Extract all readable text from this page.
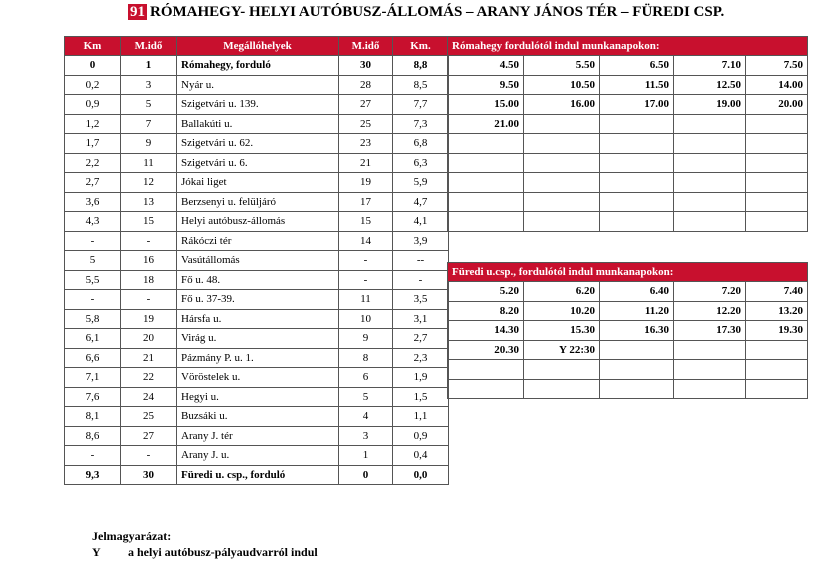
91 RÓMAHEGY- HELYI AUTÓBUSZ-ÁLLOMÁS – ARANY JÁNOS TÉR – FÜREDI CSP.
Km	M.idő	Megállóhelyek	M.idő	Km.
0	1	Rómahegy, forduló	30	8,8
0,2	3	Nyár u.	28	8,5
0,9	5	Szigetvári u. 139.	27	7,7
1,2	7	Ballakúti u.	25	7,3
1,7	9	Szigetvári u. 62.	23	6,8
2,2	11	Szigetvári u. 6.	21	6,3
2,7	12	Jókai liget	19	5,9
3,6	13	Berzsenyi u. felüljáró	17	4,7
4,3	15	Helyi autóbusz-állomás	15	4,1
-	-	Rákóczi tér	14	3,9
5	16	Vasútállomás	-	--
5,5	18	Fő u. 48.	-	-
-	-	Fő u. 37-39.	11	3,5
5,8	19	Hársfa u.	10	3,1
6,1	20	Virág u.	9	2,7
6,6	21	Pázmány P. u. 1.	8	2,3
7,1	22	Vöröstelek u.	6	1,9
7,6	24	Hegyi u.	5	1,5
8,1	25	Buzsáki u.	4	1,1
8,6	27	Arany J. tér	3	0,9
-	-	Arany J. u.	1	0,4
9,3	30	Füredi u. csp., forduló	0	0,0
Rómahegy fordulótól indul munkanapokon:				
4.50	5.50	6.50	7.10	7.50
9.50	10.50	11.50	12.50	14.00
15.00	16.00	17.00	19.00	20.00
21.00				

Füredi u.csp., fordulótól indul munkanapokon:				
5.20	6.20	6.40	7.20	7.40
8.20	10.20	11.20	12.20	13.20
14.30	15.30	16.30	17.30	19.30
20.30	Y 22:30			

Jelmagyarázat:
Y a helyi autóbusz-pályaudvarról indul
